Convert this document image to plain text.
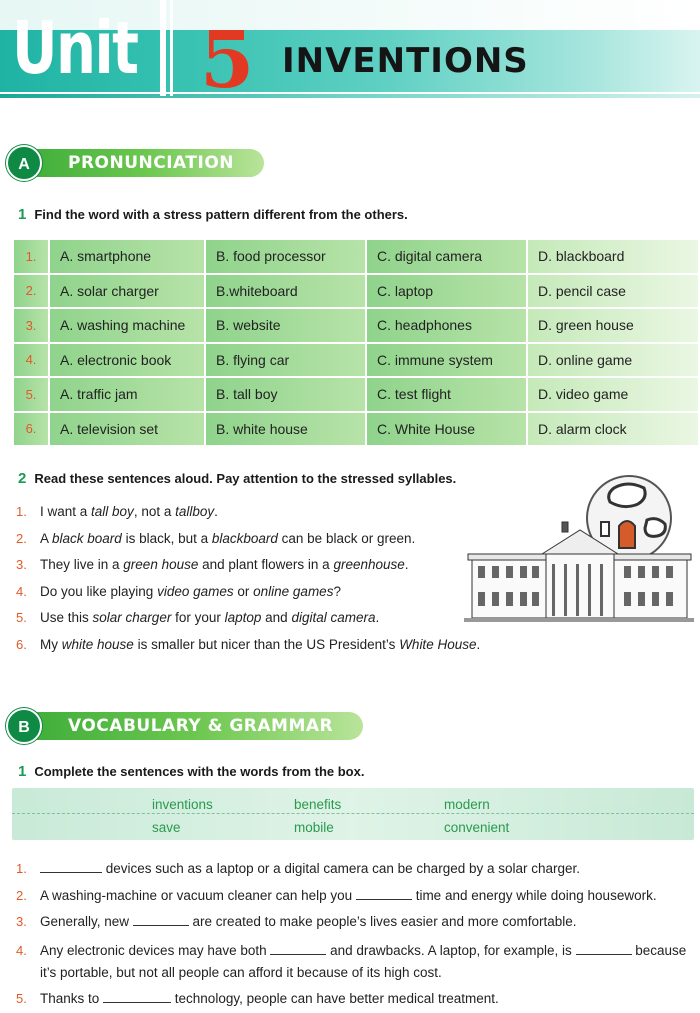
Unit 5 INVENTIONS
PRONUNCIATION
A
1 Find the word with a stress pattern different from the others.
1.	A. smartphone	B. food processor	C. digital camera	D. blackboard
2.	A. solar charger	B.whiteboard	C. laptop	D. pencil case
3.	A. washing machine	B. website	C. headphones	D. green house
4.	A. electronic book	B. flying car	C. immune system	D. online game
5.	A. traffic jam	B. tall boy	C. test flight	D. video game
6.	A. television set	B. white house	C. White House	D. alarm clock
2 Read these sentences aloud. Pay attention to the stressed syllables.
1. I want a tall boy, not a tallboy.
2. A black board is black, but a blackboard can be black or green.
3. They live in a green house and plant flowers in a greenhouse.
4. Do you like playing video games or online games?
5. Use this solar charger for your laptop and digital camera.
6. My white house is smaller but nicer than the US President’s White House.
VOCABULARY & GRAMMAR
B
1 Complete the sentences with the words from the box.
inventions	benefits	modern
save	mobile	convenient
1.	devices such as a laptop or a digital camera can be charged by a solar charger.
2. A washing-machine or vacuum cleaner can help you	time and energy while doing housework.
3. Generally, new	are created to make people’s lives easier and more comfortable.
4. Any electronic devices may have both	and drawbacks. A laptop, for example, is	because
it’s portable, but not all people can afford it because of its high cost.
5. Thanks to	technology, people can have better medical treatment.
